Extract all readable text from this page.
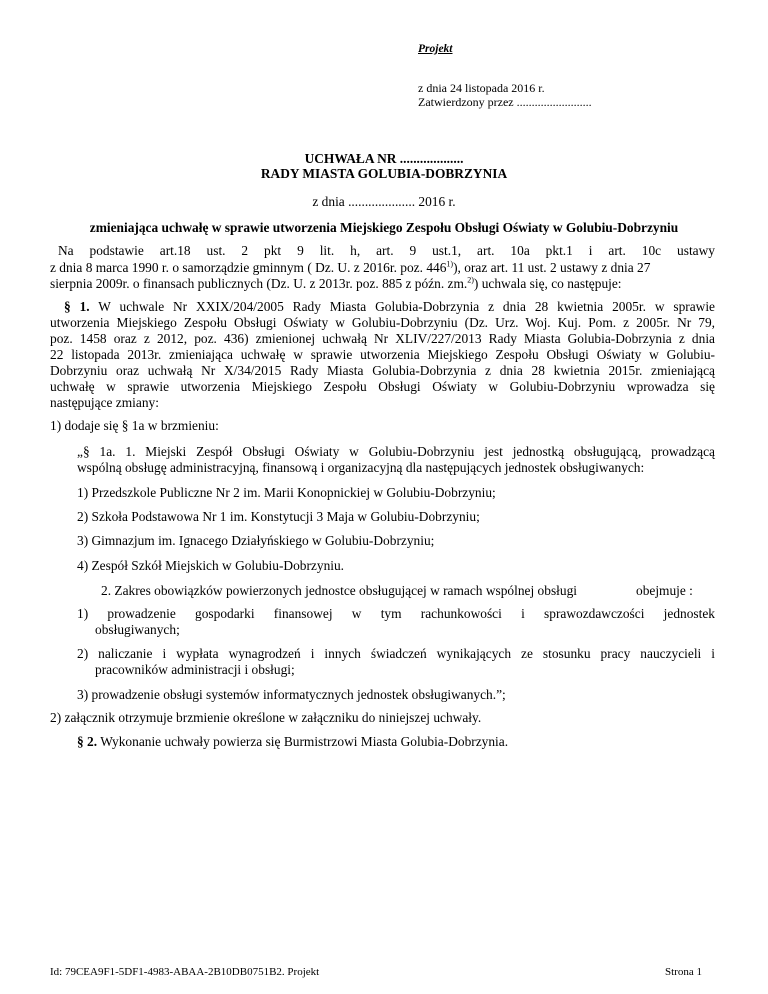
Projekt
z dnia 24 listopada 2016 r.
Zatwierdzony przez .........................
UCHWAŁA NR ...................
RADY MIASTA GOLUBIA-DOBRZYNIA
z dnia .................... 2016 r.
zmieniająca uchwałę w sprawie utworzenia Miejskiego Zespołu Obsługi Oświaty w Golubiu-Dobrzyniu
Na podstawie art.18 ust. 2 pkt 9 lit. h, art. 9 ust.1, art. 10a pkt.1 i art. 10c ustawy
z dnia 8 marca 1990 r. o samorządzie gminnym ( Dz. U. z 2016r. poz. 446$^{1)}$), oraz art. 11 ust. 2 ustawy z dnia 27
sierpnia 2009r. o finansach publicznych (Dz. U. z 2013r. poz. 885 z późn. zm.$^{2)}$) uchwala się, co następuje:
§ 1. W uchwale Nr XXIX/204/2005 Rady Miasta Golubia-Dobrzynia z dnia 28 kwietnia 2005r. w sprawie
utworzenia Miejskiego Zespołu Obsługi Oświaty w Golubiu-Dobrzyniu (Dz. Urz. Woj. Kuj. Pom. z 2005r. Nr 79,
poz. 1458 oraz z 2012, poz. 436) zmienionej uchwałą Nr XLIV/227/2013 Rady Miasta Golubia-Dobrzynia z dnia
22 listopada 2013r. zmieniająca uchwałę w sprawie utworzenia Miejskiego Zespołu Obsługi Oświaty w Golubiu-
Dobrzyniu oraz uchwałą Nr X/34/2015 Rady Miasta Golubia-Dobrzynia z dnia 28 kwietnia 2015r. zmieniającą
uchwałę w sprawie utworzenia Miejskiego Zespołu Obsługi Oświaty w Golubiu-Dobrzyniu wprowadza się
następujące zmiany:
1) dodaje się § 1a w brzmieniu:
„§ 1a. 1. Miejski Zespół Obsługi Oświaty w Golubiu-Dobrzyniu jest jednostką obsługującą, prowadzącą
wspólną obsługę administracyjną, finansową i organizacyjną dla następujących jednostek obsługiwanych:
1) Przedszkole Publiczne Nr 2 im. Marii Konopnickiej w Golubiu-Dobrzyniu;
2) Szkoła Podstawowa Nr 1 im. Konstytucji 3 Maja w Golubiu-Dobrzyniu;
3) Gimnazjum im. Ignacego Działyńskiego w Golubiu-Dobrzyniu;
4) Zespół Szkół Miejskich w Golubiu-Dobrzyniu.
2. Zakres obowiązków powierzonych jednostce obsługującej w ramach wspólnej obsługi	obejmuje :
1) prowadzenie gospodarki finansowej w tym rachunkowości i sprawozdawczości jednostek
obsługiwanych;
2) naliczanie i wypłata wynagrodzeń i innych świadczeń wynikających ze stosunku pracy nauczycieli i
pracowników administracji i obsługi;
3) prowadzenie obsługi systemów informatycznych jednostek obsługiwanych.”;
2) załącznik otrzymuje brzmienie określone w załączniku do niniejszej uchwały.
§ 2. Wykonanie uchwały powierza się Burmistrzowi Miasta Golubia-Dobrzynia.
Id: 79CEA9F1-5DF1-4983-ABAA-2B10DB0751B2. Projekt	Strona 1
